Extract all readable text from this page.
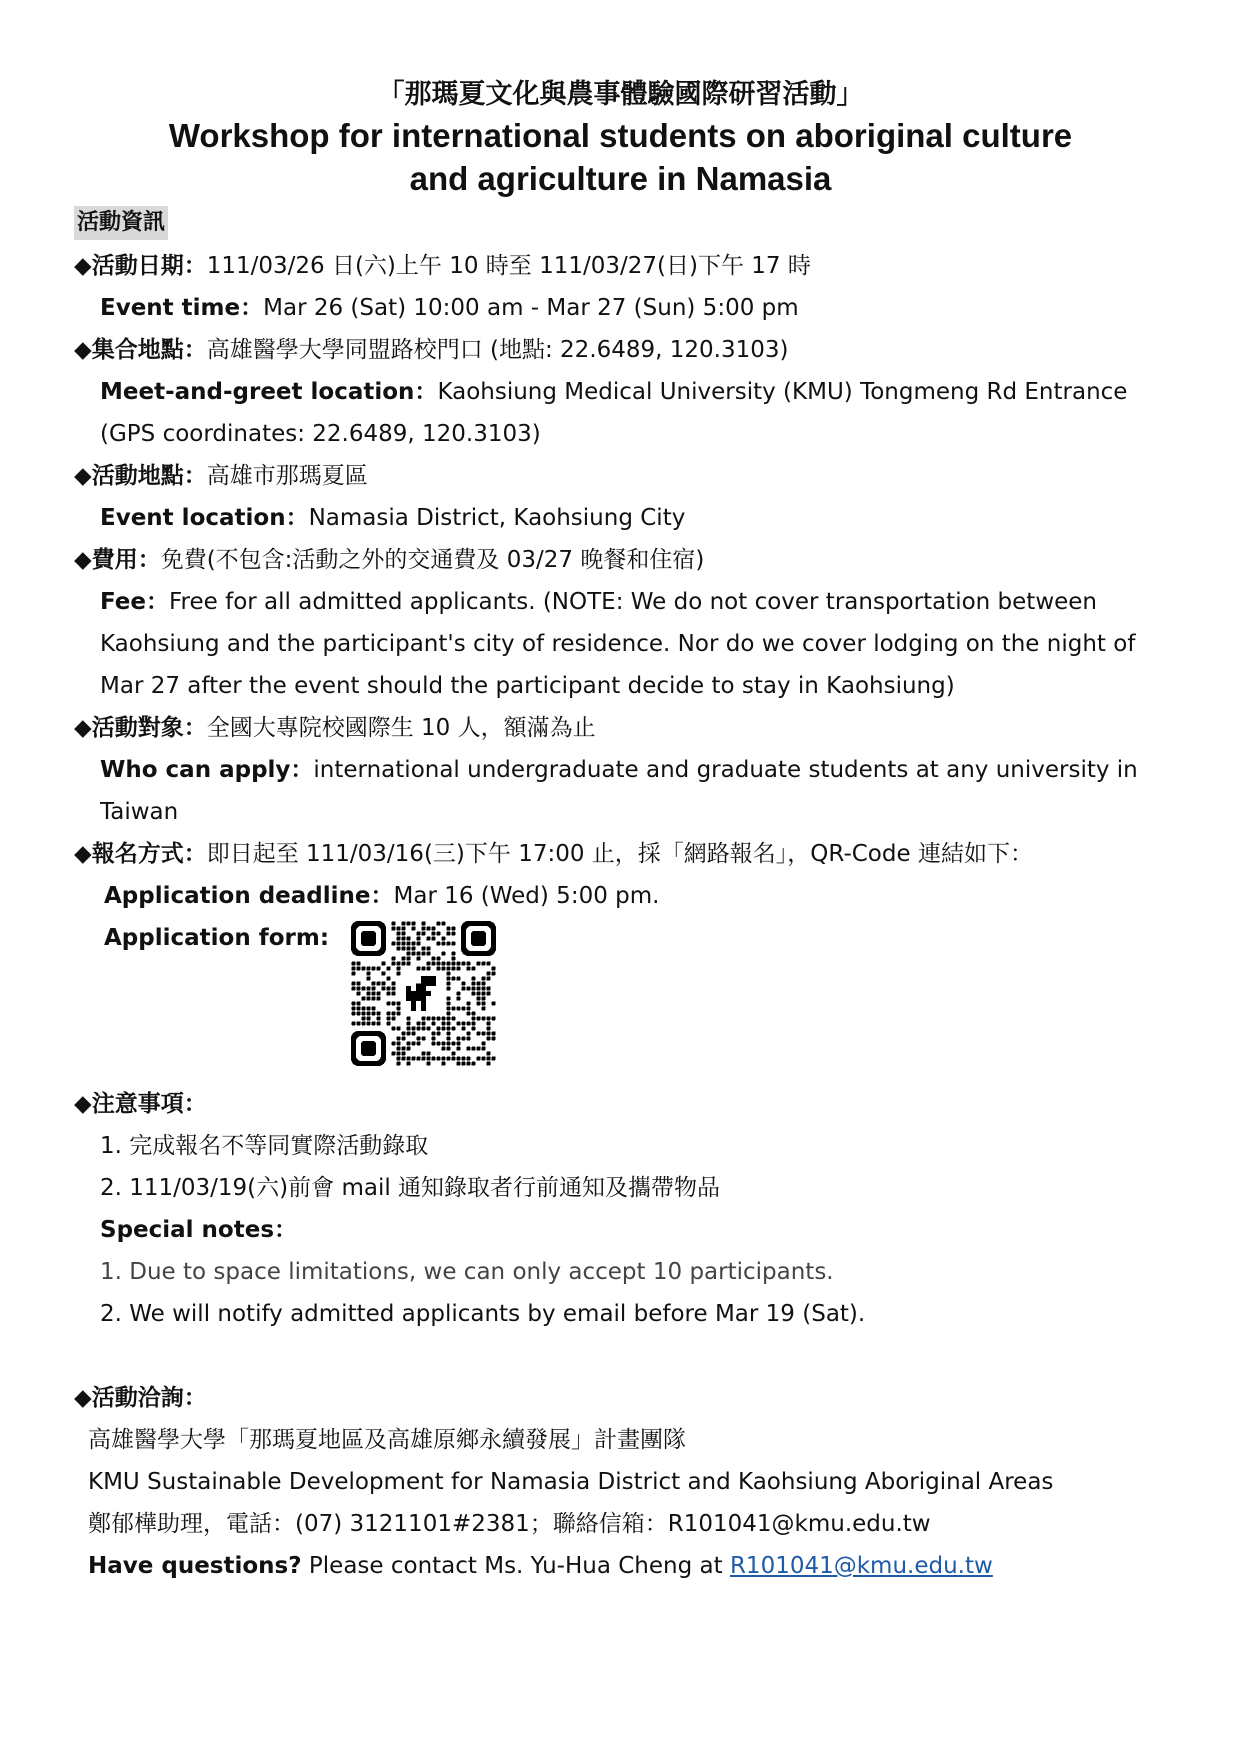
「那瑪夏文化與農事體驗國際研習活動」
Workshop for international students on aboriginal culture
and agriculture in Namasia
活動資訊
◆活動日期：111/03/26 日(六)上午 10 時至 111/03/27(日)下午 17 時
Event time：Mar 26 (Sat) 10:00 am - Mar 27 (Sun) 5:00 pm
◆集合地點：高雄醫學大學同盟路校門口 (地點: 22.6489, 120.3103)
Meet-and-greet location：Kaohsiung Medical University (KMU) Tongmeng Rd Entrance
(GPS coordinates: 22.6489, 120.3103)
◆活動地點：高雄市那瑪夏區
Event location：Namasia District, Kaohsiung City
◆費用：免費(不包含:活動之外的交通費及 03/27 晚餐和住宿)
Fee：Free for all admitted applicants. (NOTE: We do not cover transportation between
Kaohsiung and the participant's city of residence. Nor do we cover lodging on the night of
Mar 27 after the event should the participant decide to stay in Kaohsiung)
◆活動對象：全國大專院校國際生 10 人，額滿為止
Who can apply：international undergraduate and graduate students at any university in
Taiwan
◆報名方式：即日起至 111/03/16(三)下午 17:00 止，採「網路報名」，QR-Code 連結如下：
Application deadline：Mar 16 (Wed) 5:00 pm.
Application form:
◆注意事項：
1. 完成報名不等同實際活動錄取
2. 111/03/19(六)前會 mail 通知錄取者行前通知及攜帶物品
Special notes：
1. Due to space limitations, we can only accept 10 participants.
2. We will notify admitted applicants by email before Mar 19 (Sat).
◆活動洽詢：
高雄醫學大學「那瑪夏地區及高雄原鄉永續發展」計畫團隊
KMU Sustainable Development for Namasia District and Kaohsiung Aboriginal Areas
鄭郁樺助理，電話：(07) 3121101#2381；聯絡信箱：R101041@kmu.edu.tw
Have questions? Please contact Ms. Yu-Hua Cheng at R101041@kmu.edu.tw
